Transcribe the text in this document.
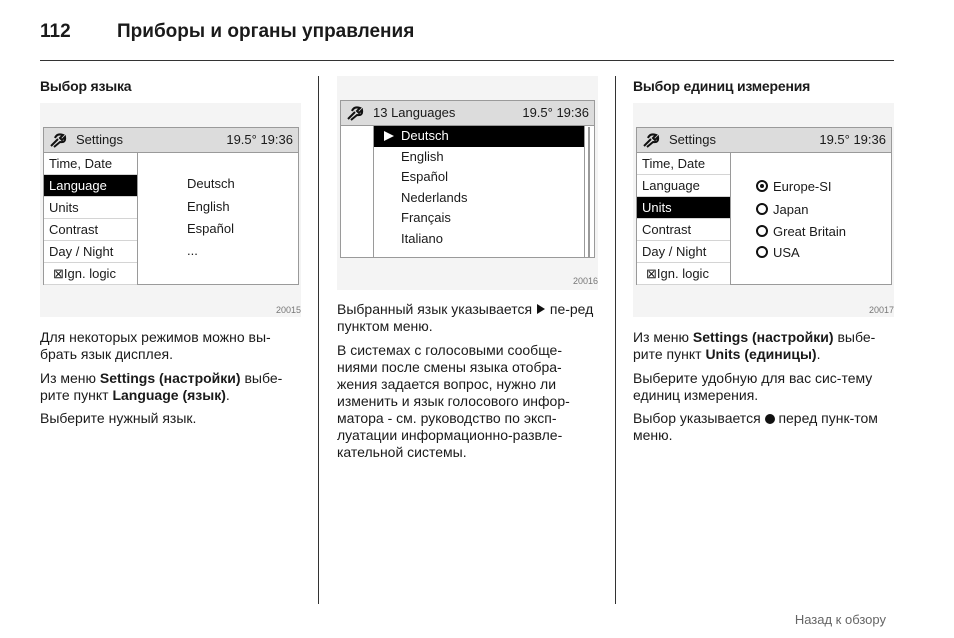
112 Приборы и органы управления
Выбор языка
Settings	19.5° 19:36
Time, Date
Language
Units
Contrast
Day / Night
⊠Ign. logic
Deutsch
English
Español
...
20015

Для некоторых режимов можно вы-брать язык дисплея.

Из меню Settings (настройки) выбе-рите пункт Language (язык).

Выберите нужный язык.

13 Languages	19.5° 19:36
Deutsch
English
Español
Nederlands
Français
Italiano
20016

Выбранный язык указывается пе-ред пунктом меню.

В системах с голосовыми сообще-ниями после смены языка отобра-жения задается вопрос, нужно ли изменить и язык голосового инфор-матора - см. руководство по эксп-луатации информационно-развле-кательной системы.

Выбор единиц измерения
Settings	19.5° 19:36
Time, Date
Language
Units
Contrast
Day / Night
⊠Ign. logic
Europe-SI
Japan
Great Britain
USA
20017

Из меню Settings (настройки) выбе-рите пункт Units (единицы).

Выберите удобную для вас сис-тему единиц измерения.

Выбор указывается перед пунк-том меню.

Назад к обзору
